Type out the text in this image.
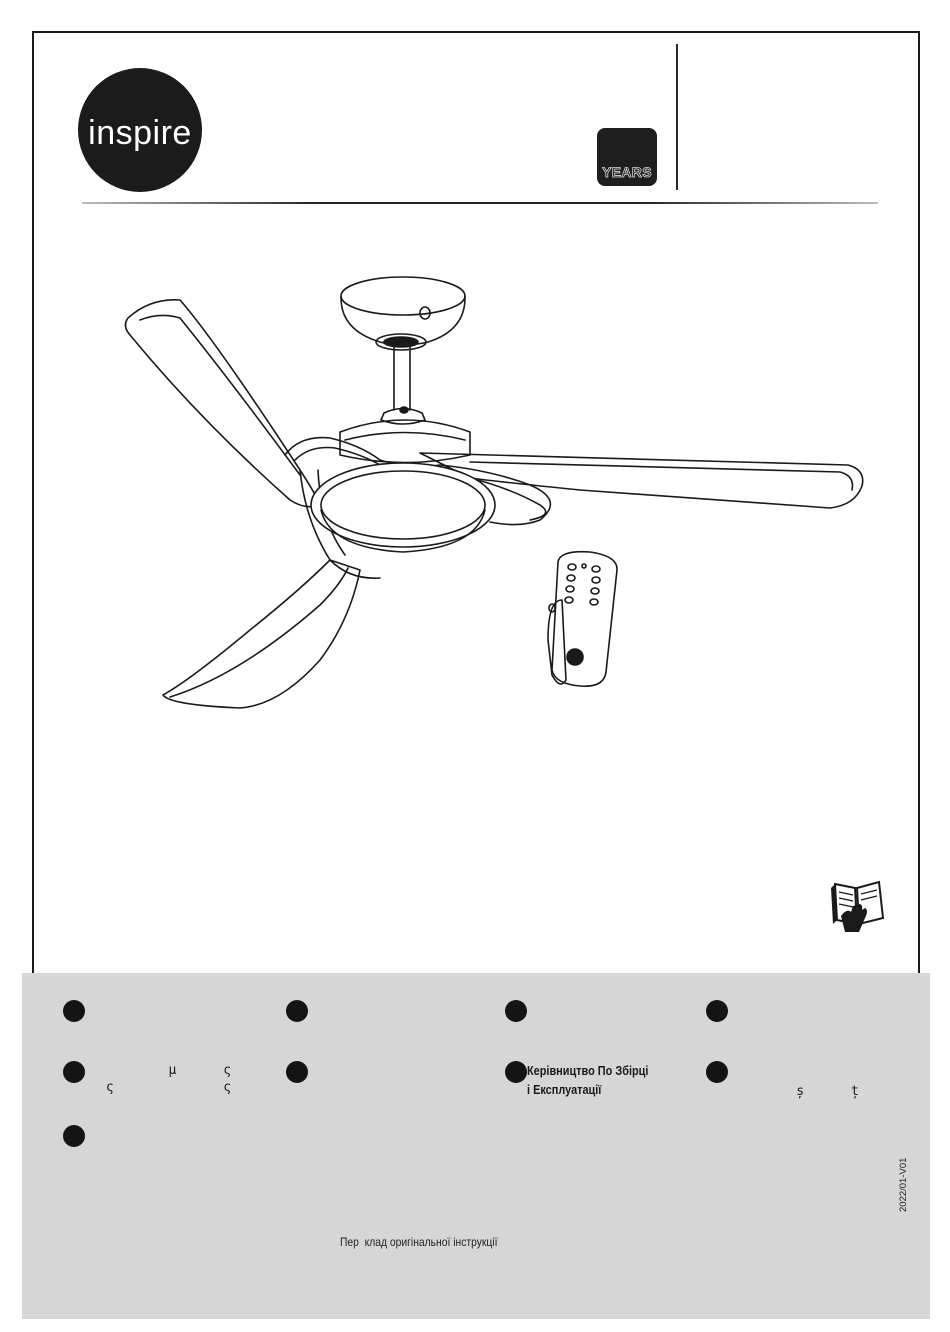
inspire
YEARS
µ      ς
ς              ς
Керівництво По Збірці
і Експлуатації	ș      ț
Пер  клад оригінальної інструкції
2022/01-V01
